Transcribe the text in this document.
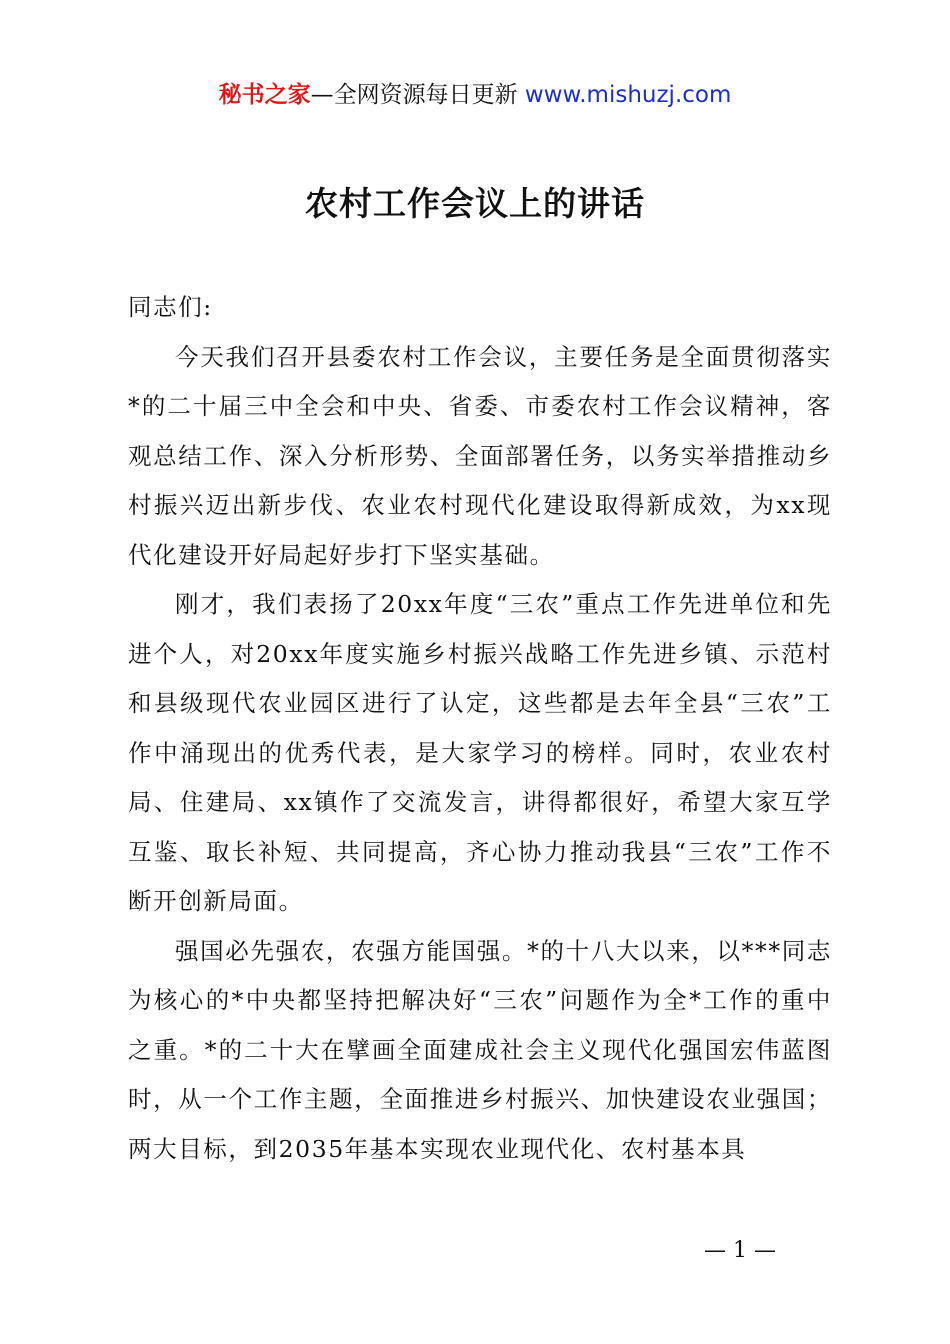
秘书之家—全网资源每日更新 www.mishuzj.com
农村工作会议上的讲话

同志们:

今天我们召开县委农村工作会议，主要任务是全面贯彻落实*的二十届三中全会和中央、省委、市委农村工作会议精神，客观总结工作、深入分析形势、全面部署任务，以务实举措推动乡村振兴迈出新步伐、农业农村现代化建设取得新成效，为xx现代化建设开好局起好步打下坚实基础。

刚才，我们表扬了20xx年度“三农”重点工作先进单位和先进个人，对20xx年度实施乡村振兴战略工作先进乡镇、示范村和县级现代农业园区进行了认定，这些都是去年全县“三农”工作中涌现出的优秀代表，是大家学习的榜样。同时，农业农村局、住建局、xx镇作了交流发言，讲得都很好，希望大家互学互鉴、取长补短、共同提高，齐心协力推动我县“三农”工作不断开创新局面。

强国必先强农，农强方能国强。*的十八大以来，以***同志为核心的*中央都坚持把解决好“三农”问题作为全*工作的重中之重。*的二十大在擘画全面建成社会主义现代化强国宏伟蓝图时，从一个工作主题，全面推进乡村振兴、加快建设农业强国；两大目标，到2035年基本实现农业现代化、农村基本具

— 1 —
